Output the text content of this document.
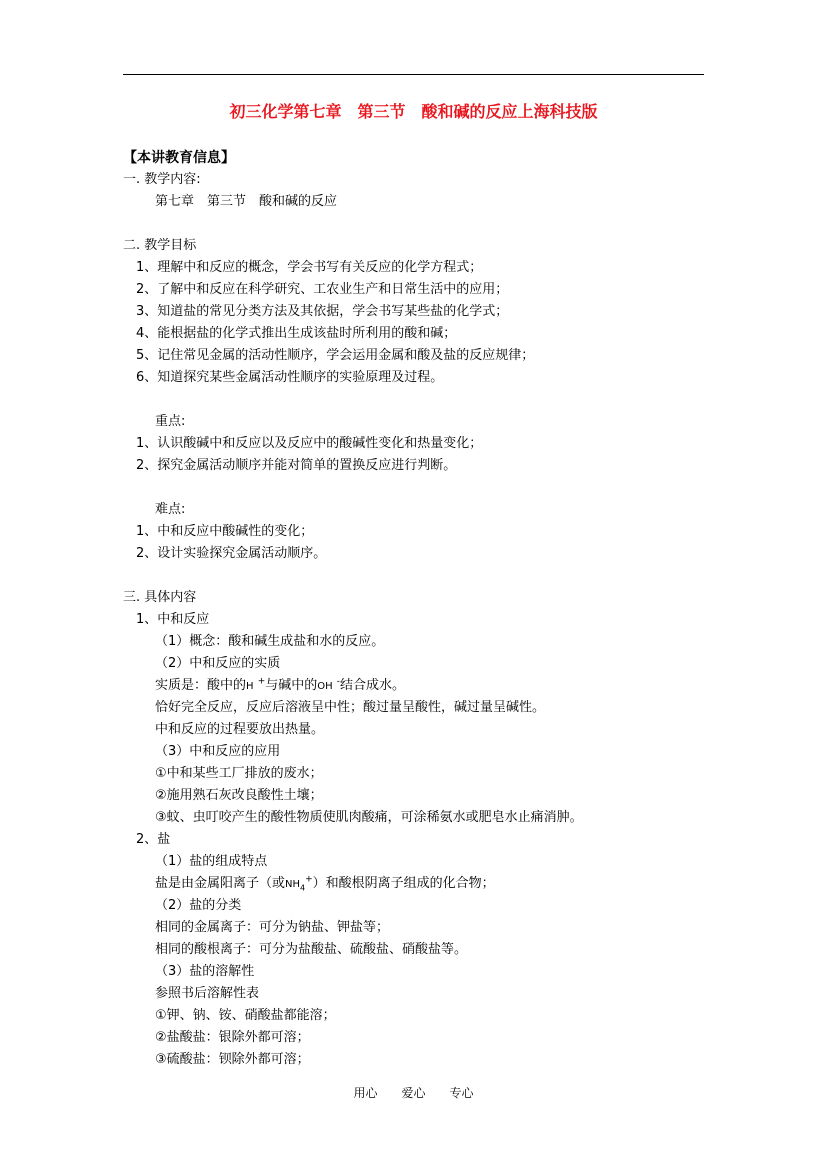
初三化学第七章　第三节　酸和碱的反应上海科技版
【本讲教育信息】
一. 教学内容:
第七章　第三节　酸和碱的反应
二. 教学目标
1、理解中和反应的概念，学会书写有关反应的化学方程式；
2、了解中和反应在科学研究、工农业生产和日常生活中的应用；
3、知道盐的常见分类方法及其依据，学会书写某些盐的化学式；
4、能根据盐的化学式推出生成该盐时所利用的酸和碱；
5、记住常见金属的活动性顺序，学会运用金属和酸及盐的反应规律；
6、知道探究某些金属活动性顺序的实验原理及过程。
重点:
1、认识酸碱中和反应以及反应中的酸碱性变化和热量变化；
2、探究金属活动顺序并能对简单的置换反应进行判断。
难点:
1、中和反应中酸碱性的变化；
2、设计实验探究金属活动顺序。
三. 具体内容
1、中和反应
（1）概念：酸和碱生成盐和水的反应。
（2）中和反应的实质
实质是：酸中的H +与碱中的OH -结合成水。
恰好完全反应，反应后溶液呈中性；酸过量呈酸性，碱过量呈碱性。
中和反应的过程要放出热量。
（3）中和反应的应用
①中和某些工厂排放的废水；
②施用熟石灰改良酸性土壤；
③蚊、虫叮咬产生的酸性物质使肌肉酸痛，可涂稀氨水或肥皂水止痛消肿。
2、盐
（1）盐的组成特点
盐是由金属阳离子（或$NH_4^+$）和酸根阴离子组成的化合物；
（2）盐的分类
相同的金属离子：可分为钠盐、钾盐等；
相同的酸根离子：可分为盐酸盐、硫酸盐、硝酸盐等。
（3）盐的溶解性
参照书后溶解性表
①钾、钠、铵、硝酸盐都能溶；
②盐酸盐：银除外都可溶；
③硫酸盐：钡除外都可溶；
用心　　爱心　　专心
